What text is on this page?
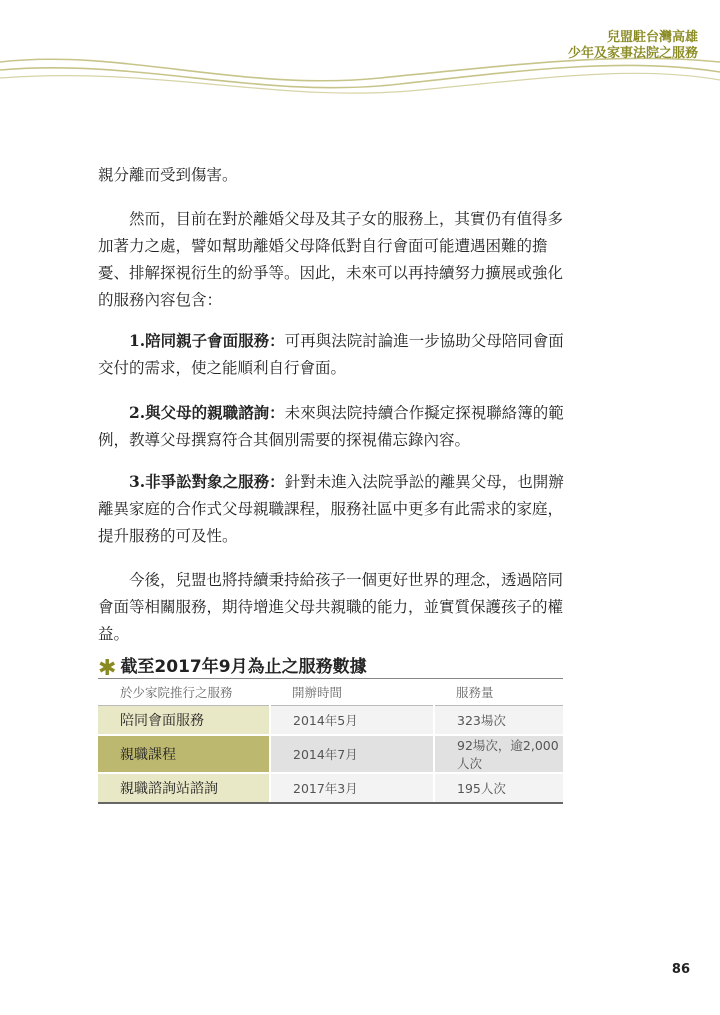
兒盟駐台灣高雄
少年及家事法院之服務

親分離而受到傷害。

然而，目前在對於離婚父母及其子女的服務上，其實仍有值得多加著力之處，譬如幫助離婚父母降低對自行會面可能遭遇困難的擔憂、排解探視衍生的紛爭等。因此，未來可以再持續努力擴展或強化的服務內容包含：

1.陪同親子會面服務：可再與法院討論進一步協助父母陪同會面交付的需求，使之能順利自行會面。

2.與父母的親職諮詢：未來與法院持續合作擬定探視聯絡簿的範例，教導父母撰寫符合其個別需要的探視備忘錄內容。

3.非爭訟對象之服務：針對未進入法院爭訟的離異父母，也開辦離異家庭的合作式父母親職課程，服務社區中更多有此需求的家庭，提升服務的可及性。

今後，兒盟也將持續秉持給孩子一個更好世界的理念，透過陪同會面等相關服務，期待增進父母共親職的能力，並實質保護孩子的權益。

✱ 截至2017年9月為止之服務數據
於少家院推行之服務	開辦時間	服務量
陪同會面服務	2014年5月	323場次
親職課程	2014年7月	92場次，逾2,000人次
親職諮詢站諮詢	2017年3月	195人次
86
